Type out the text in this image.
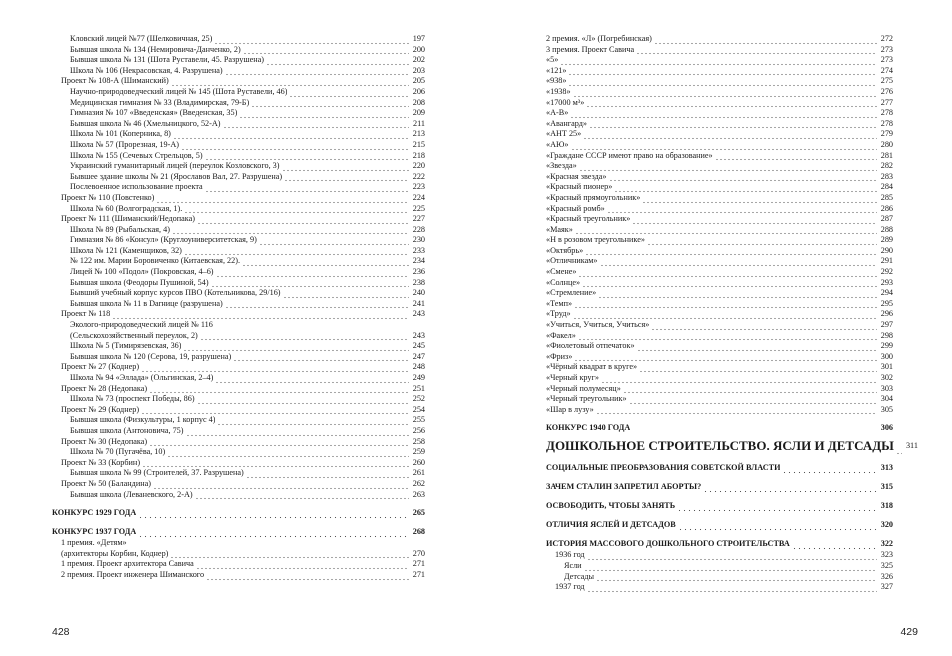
Кловский лицей №77 (Шелковичная, 25)	197
Бывшая школа № 134 (Немировича-Данченко, 2)	200
Бывшая школа № 131 (Шота Руставели, 45. Разрушена)	202
Школа № 106 (Некрасовская, 4. Разрушена)	203
Проект № 108-А (Шиманский)	205
Научно-природоведческий лицей № 145 (Шота Руставели, 46)	206
Медицинская гимназия № 33 (Владимирская, 79-Б)	208
Гимназия № 107 «Введенская» (Введенская, 35)	209
Бывшая школа № 46 (Хмельницкого, 52-А)	211
Школа № 101 (Коперника, 8)	213
Школа № 57 (Прорезная, 19-А)	215
Школа № 155 (Сечевых Стрельцов, 5)	218
Украинский гуманитарный лицей (переулок Козловского, 3)	220
Бывшее здание школы № 21 (Ярославов Вал, 27. Разрушена)	222
Послевоенное использование проекта	223
Проект № 110 (Повстенко)	224
Школа № 60 (Волгоградская, 1).	225
Проект № 111 (Шиманский/Недопака)	227
Школа № 89 (Рыбальская, 4)	228
Гимназия № 86 «Консул» (Круглоуниверситетская, 9)	230
Школа № 121 (Каменщиков, 32)	233
№ 122 им. Марии Боровиченко (Китаевская, 22).	234
Лицей № 100 «Подол» (Покровская, 4–6)	236
Бывшая школа (Феодоры Пушиной, 54)	238
Бывший учебный корпус курсов ПВО (Котельникова, 29/16)	240
Бывшая школа № 11 в Darнице (разрушена)	241
Проект № 118	243
Эколого-природоведческий лицей № 116
(Сельскохозяйственный переулок, 2)	243
Школа № 5 (Тимирязевская, 36)	245
Бывшая школа № 120 (Серова, 19, разрушена)	247
Проект № 27 (Коднер)	248
Школа № 94 «Эллада» (Ольгинская, 2–4)	249
Проект № 28 (Недопака)	251
Школа № 73 (проспект Победы, 86)	252
Проект № 29 (Коднер)	254
Бывшая школа (Физкультуры, 1 корпус 4)	255
Бывшая школа (Антоновича, 75)	256
Проект № 30 (Недопака)	258
Школа № 70 (Пугачёва, 10)	259
Проект № 33 (Корбин)	260
Бывшая школа № 99 (Строителей, 37. Разрушена)	261
Проект № 50 (Баландина)	262
Бывшая школа (Леваневского, 2-А)	263
КОНКУРС 1929 ГОДА	265
КОНКУРС 1937 ГОДА	268
1 премия. «Детям»
(архитекторы Корбин, Коднер)	270
1 премия. Проект архитектора Савича	271
2 премия. Проект инженера Шиманского	271
428
2 премия. «Л» (Погребинская)	272
3 премия. Проект Савича	273
«5»	273
«121»	274
«938»	275
«1938»	276
«17000 м³»	277
«А-В»	278
«Авангард»	278
«АНТ 25»	279
«АЮ»	280
«Граждане СССР имеют право на образование»	281
«Звезда»	282
«Красная звезда»	283
«Красный пионер»	284
«Красный прямоугольник»	285
«Красный ромб»	286
«Красный треугольник»	287
«Маяк»	288
«Н в розовом треугольнике»	289
«Октябрь»	290
«Отличникам»	291
«Смене»	292
«Солнце»	293
«Стремление»	294
«Темп»	295
«Труд»	296
«Учиться, Учиться, Учиться»	297
«Факел»	298
«Фиолетовый отпечаток»	299
«Фриз»	300
«Чёрный квадрат в круге»	301
«Черный круг»	302
«Черный полумесяц»	303
«Черный треугольник»	304
«Шар в лузу»	305
КОНКУРС 1940 ГОДА	306
ДОШКОЛЬНОЕ СТРОИТЕЛЬСТВО. ЯСЛИ И ДЕТСАДЫ 311
СОЦИАЛЬНЫЕ ПРЕОБРАЗОВАНИЯ СОВЕТСКОЙ ВЛАСТИ	313
ЗАЧЕМ СТАЛИН ЗАПРЕТИЛ АБОРТЫ?	315
ОСВОБОДИТЬ, ЧТОБЫ ЗАНЯТЬ	318
ОТЛИЧИЯ ЯСЛЕЙ И ДЕТСАДОВ	320
ИСТОРИЯ МАССОВОГО ДОШКОЛЬНОГО СТРОИТЕЛЬСТВА	322
1936 год	323
Ясли	325
Детсады	326
1937 год	327
429
